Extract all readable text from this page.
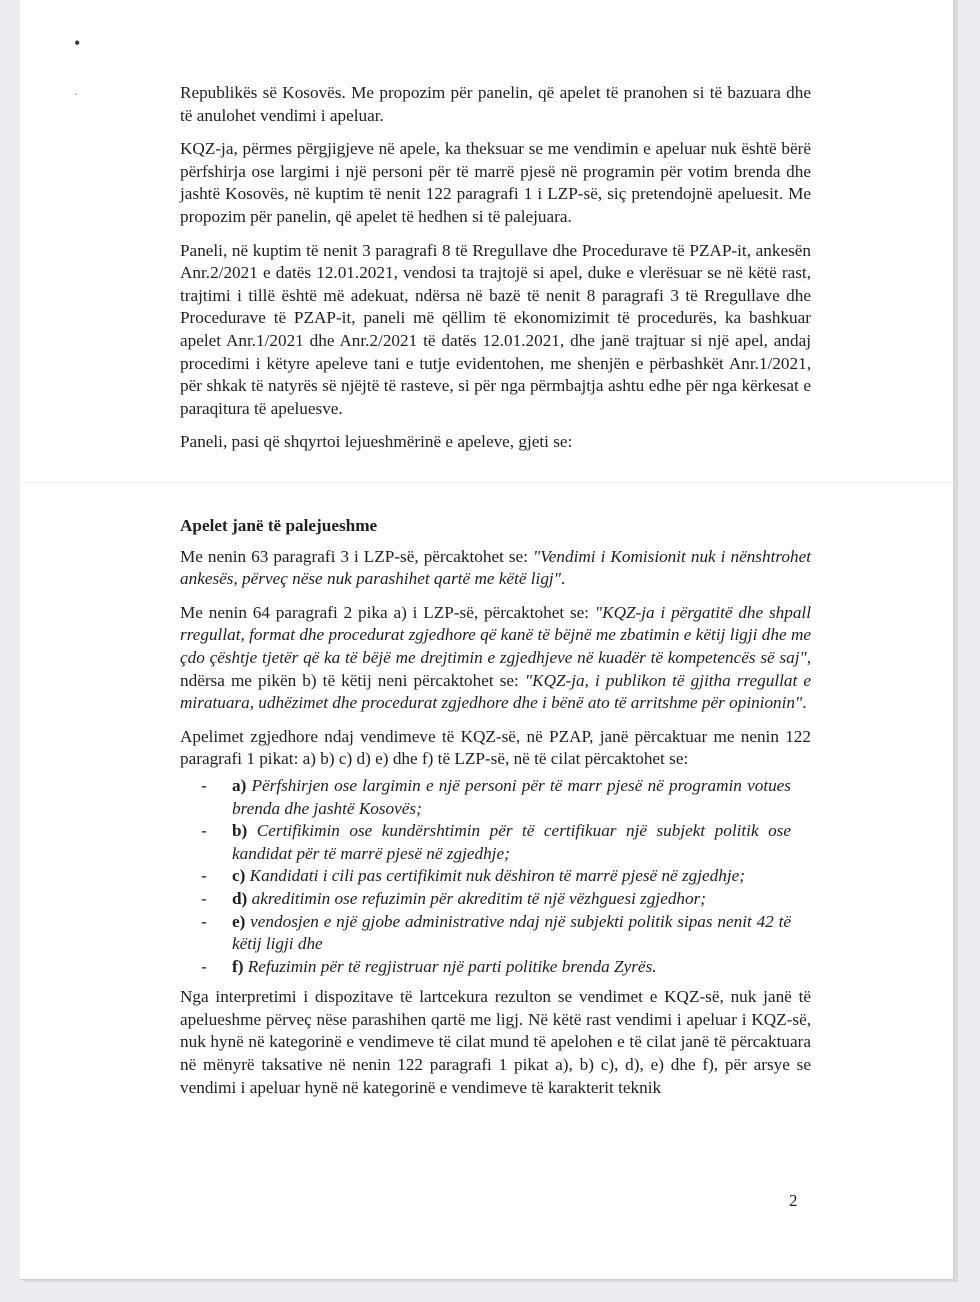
•
·	Republikës së Kosovës. Me propozim për panelin, që apelet të pranohen si të bazuara dhe të anulohet vendimi i apeluar.

KQZ-ja, përmes përgjigjeve në apele, ka theksuar se me vendimin e apeluar nuk është bërë përfshirja ose largimi i një personi për të marrë pjesë në programin për votim brenda dhe jashtë Kosovës, në kuptim të nenit 122 paragrafi 1 i LZP-së, siç pretendojnë apeluesit. Me propozim për panelin, që apelet të hedhen si të palejuara.

Paneli, në kuptim të nenit 3 paragrafi 8 të Rregullave dhe Procedurave të PZAP-it, ankesën Anr.2/2021 e datës 12.01.2021, vendosi ta trajtojë si apel, duke e vlerësuar se në këtë rast, trajtimi i tillë është më adekuat, ndërsa në bazë të nenit 8 paragrafi 3 të Rregullave dhe Procedurave të PZAP-it, paneli më qëllim të ekonomizimit të procedurës, ka bashkuar apelet Anr.1/2021 dhe Anr.2/2021 të datës 12.01.2021, dhe janë trajtuar si një apel, andaj procedimi i këtyre apeleve tani e tutje evidentohen, me shenjën e përbashkët Anr.1/2021, për shkak të natyrës së njëjtë të rasteve, si për nga përmbajtja ashtu edhe për nga kërkesat e paraqitura të apeluesve.

Paneli, pasi që shqyrtoi lejueshmërinë e apeleve, gjeti se:

Apelet janë të palejueshme

Me nenin 63 paragrafi 3 i LZP-së, përcaktohet se: "Vendimi i Komisionit nuk i nënshtrohet ankesës, përveç nëse nuk parashihet qartë me këtë ligj".

Me nenin 64 paragrafi 2 pika a) i LZP-së, përcaktohet se: "KQZ-ja i përgatitë dhe shpall rregullat, format dhe procedurat zgjedhore që kanë të bëjnë me zbatimin e këtij ligji dhe me çdo çështje tjetër që ka të bëjë me drejtimin e zgjedhjeve në kuadër të kompetencës së saj", ndërsa me pikën b) të këtij neni përcaktohet se: "KQZ-ja, i publikon të gjitha rregullat e miratuara, udhëzimet dhe procedurat zgjedhore dhe i bënë ato të arritshme për opinionin".

Apelimet zgjedhore ndaj vendimeve të KQZ-së, në PZAP, janë përcaktuar me nenin 122 paragrafi 1 pikat: a) b) c) d) e) dhe f) të LZP-së, në të cilat përcaktohet se:

- a) Përfshirjen ose largimin e një personi për të marr pjesë në programin votues brenda dhe jashtë Kosovës;
- b) Certifikimin ose kundërshtimin për të certifikuar një subjekt politik ose kandidat për të marrë pjesë në zgjedhje;
- c) Kandidati i cili pas certifikimit nuk dëshiron të marrë pjesë në zgjedhje;
- d) akreditimin ose refuzimin për akreditim të një vëzhguesi zgjedhor;
- e) vendosjen e një gjobe administrative ndaj një subjekti politik sipas nenit 42 të këtij ligji dhe
- f) Refuzimin për të regjistruar një parti politike brenda Zyrës.

Nga interpretimi i dispozitave të lartcekura rezulton se vendimet e KQZ-së, nuk janë të apelueshme përveç nëse parashihen qartë me ligj. Në këtë rast vendimi i apeluar i KQZ-së, nuk hynë në kategorinë e vendimeve të cilat mund të apelohen e të cilat janë të përcaktuara në mënyrë taksative në nenin 122 paragrafi 1 pikat a), b) c), d), e) dhe f), për arsye se vendimi i apeluar hynë në kategorinë e vendimeve të karakterit teknik

2
